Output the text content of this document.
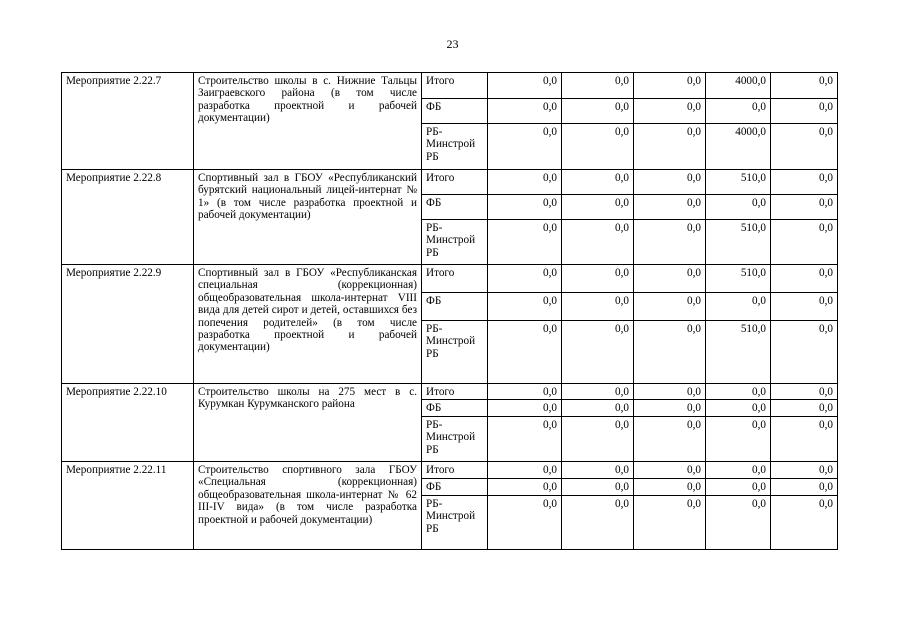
23
Мероприятие 2.22.7	Строительство школы в с. Нижние Тальцы Заиграевского района (в том числе разработка проектной и рабочей документации)	Итого	0,0	0,0	0,0	4000,0	0,0
		ФБ	0,0	0,0	0,0	0,0	0,0
		РБ-Минстрой РБ	0,0	0,0	0,0	4000,0	0,0
Мероприятие 2.22.8	Спортивный зал в ГБОУ «Республиканский бурятский национальный лицей-интернат № 1» (в том числе разработка проектной и рабочей документации)	Итого	0,0	0,0	0,0	510,0	0,0
		ФБ	0,0	0,0	0,0	0,0	0,0
		РБ-Минстрой РБ	0,0	0,0	0,0	510,0	0,0
Мероприятие 2.22.9	Спортивный зал в ГБОУ «Республиканская специальная (коррекционная) общеобразовательная школа-интернат VIII вида для детей сирот и детей, оставшихся без попечения родителей» (в том числе разработка проектной и рабочей документации)	Итого	0,0	0,0	0,0	510,0	0,0
		ФБ	0,0	0,0	0,0	0,0	0,0
		РБ-Минстрой РБ	0,0	0,0	0,0	510,0	0,0
Мероприятие 2.22.10	Строительство школы на 275 мест в с. Курумкан Курумканского района	Итого	0,0	0,0	0,0	0,0	0,0
		ФБ	0,0	0,0	0,0	0,0	0,0
		РБ-Минстрой РБ	0,0	0,0	0,0	0,0	0,0
Мероприятие 2.22.11	Строительство спортивного зала ГБОУ «Специальная (коррекционная) общеобразовательная школа-интернат № 62 III-IV вида» (в том числе разработка проектной и рабочей документации)	Итого	0,0	0,0	0,0	0,0	0,0
		ФБ	0,0	0,0	0,0	0,0	0,0
		РБ-Минстрой РБ	0,0	0,0	0,0	0,0	0,0
